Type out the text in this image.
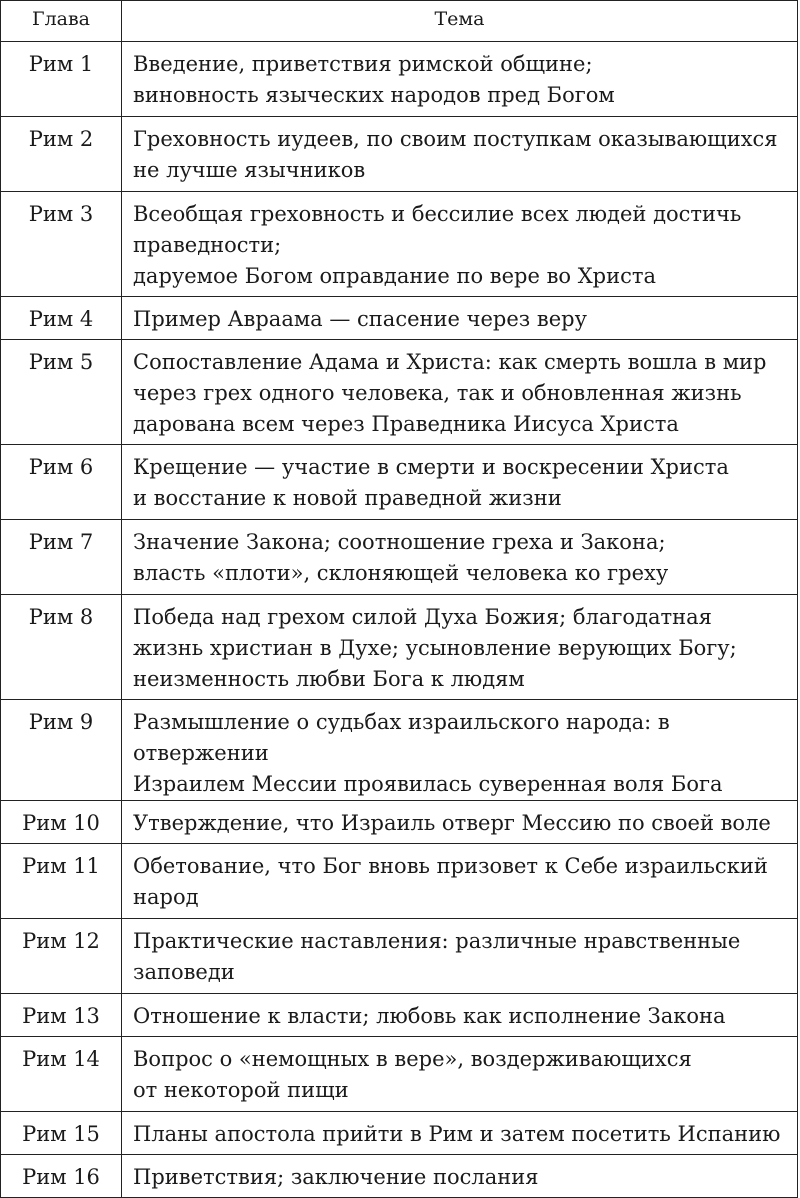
Глава	Тема
Рим 1	Введение, приветствия римской общине;
виновность языческих народов пред Богом
Рим 2	Греховность иудеев, по своим поступкам оказывающихся
не лучше язычников
Рим 3	Всеобщая греховность и бессилие всех людей достичь
праведности;
даруемое Богом оправдание по вере во Христа
Рим 4	Пример Авраама — спасение через веру
Рим 5	Сопоставление Адама и Христа: как смерть вошла в мир
через грех одного человека, так и обновленная жизнь
дарована всем через Праведника Иисуса Христа
Рим 6	Крещение — участие в смерти и воскресении Христа
и восстание к новой праведной жизни
Рим 7	Значение Закона; соотношение греха и Закона;
власть «плоти», склоняющей человека ко греху
Рим 8	Победа над грехом силой Духа Божия; благодатная
жизнь христиан в Духе; усыновление верующих Богу;
неизменность любви Бога к людям
Рим 9	Размышление о судьбах израильского народа: в отвержении
Израилем Мессии проявилась суверенная воля Бога
Рим 10	Утверждение, что Израиль отверг Мессию по своей воле
Рим 11	Обетование, что Бог вновь призовет к Себе израильский
народ
Рим 12	Практические наставления: различные нравственные
заповеди
Рим 13	Отношение к власти; любовь как исполнение Закона
Рим 14	Вопрос о «немощных в вере», воздерживающихся
от некоторой пищи
Рим 15	Планы апостола прийти в Рим и затем посетить Испанию
Рим 16	Приветствия; заключение послания
